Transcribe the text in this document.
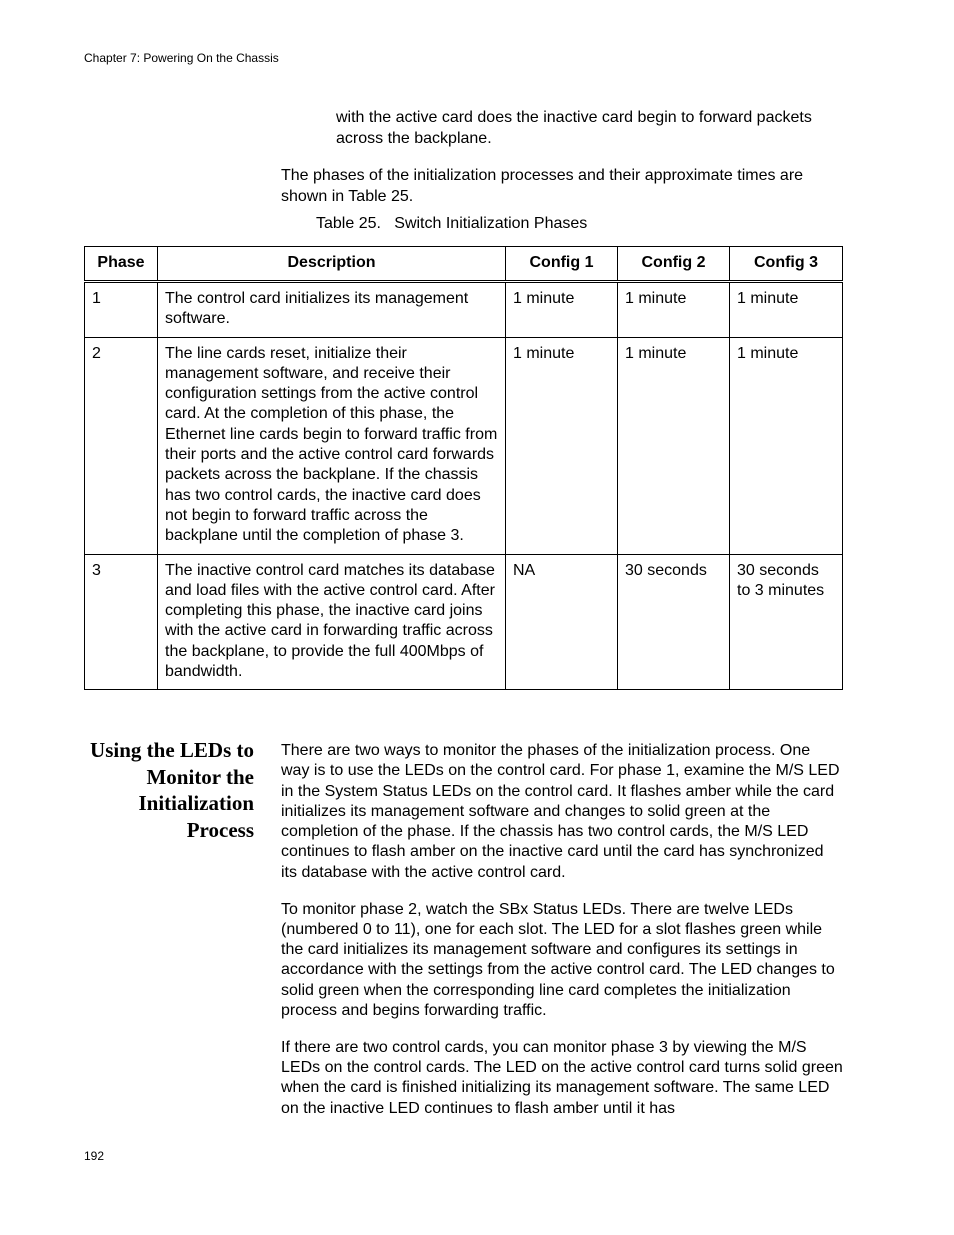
Chapter 7: Powering On the Chassis

with the active card does the inactive card begin to forward packets across the backplane.

The phases of the initialization processes and their approximate times are shown in Table 25.

Table 25.   Switch Initialization Phases
Phase	Description	Config 1	Config 2	Config 3
1	The control card initializes its management software.	1 minute	1 minute	1 minute
2	The line cards reset, initialize their management software, and receive their configuration settings from the active control card. At the completion of this phase, the Ethernet line cards begin to forward traffic from their ports and the active control card forwards packets across the backplane. If the chassis has two control cards, the inactive card does not begin to forward traffic across the backplane until the completion of phase 3.	1 minute	1 minute	1 minute
3	The inactive control card matches its database and load files with the active control card. After completing this phase, the inactive card joins with the active card in forwarding traffic across the backplane, to provide the full 400Mbps of bandwidth.	NA	30 seconds	30 seconds to 3 minutes
Using the LEDs to Monitor the Initialization Process

There are two ways to monitor the phases of the initialization process. One way is to use the LEDs on the control card. For phase 1, examine the M/S LED in the System Status LEDs on the control card. It flashes amber while the card initializes its management software and changes to solid green at the completion of the phase. If the chassis has two control cards, the M/S LED continues to flash amber on the inactive card until the card has synchronized its database with the active control card.

To monitor phase 2, watch the SBx Status LEDs. There are twelve LEDs (numbered 0 to 11), one for each slot. The LED for a slot flashes green while the card initializes its management software and configures its settings in accordance with the settings from the active control card. The LED changes to solid green when the corresponding line card completes the initialization process and begins forwarding traffic.

If there are two control cards, you can monitor phase 3 by viewing the M/S LEDs on the control cards. The LED on the active control card turns solid green when the card is finished initializing its management software. The same LED on the inactive LED continues to flash amber until it has

192
